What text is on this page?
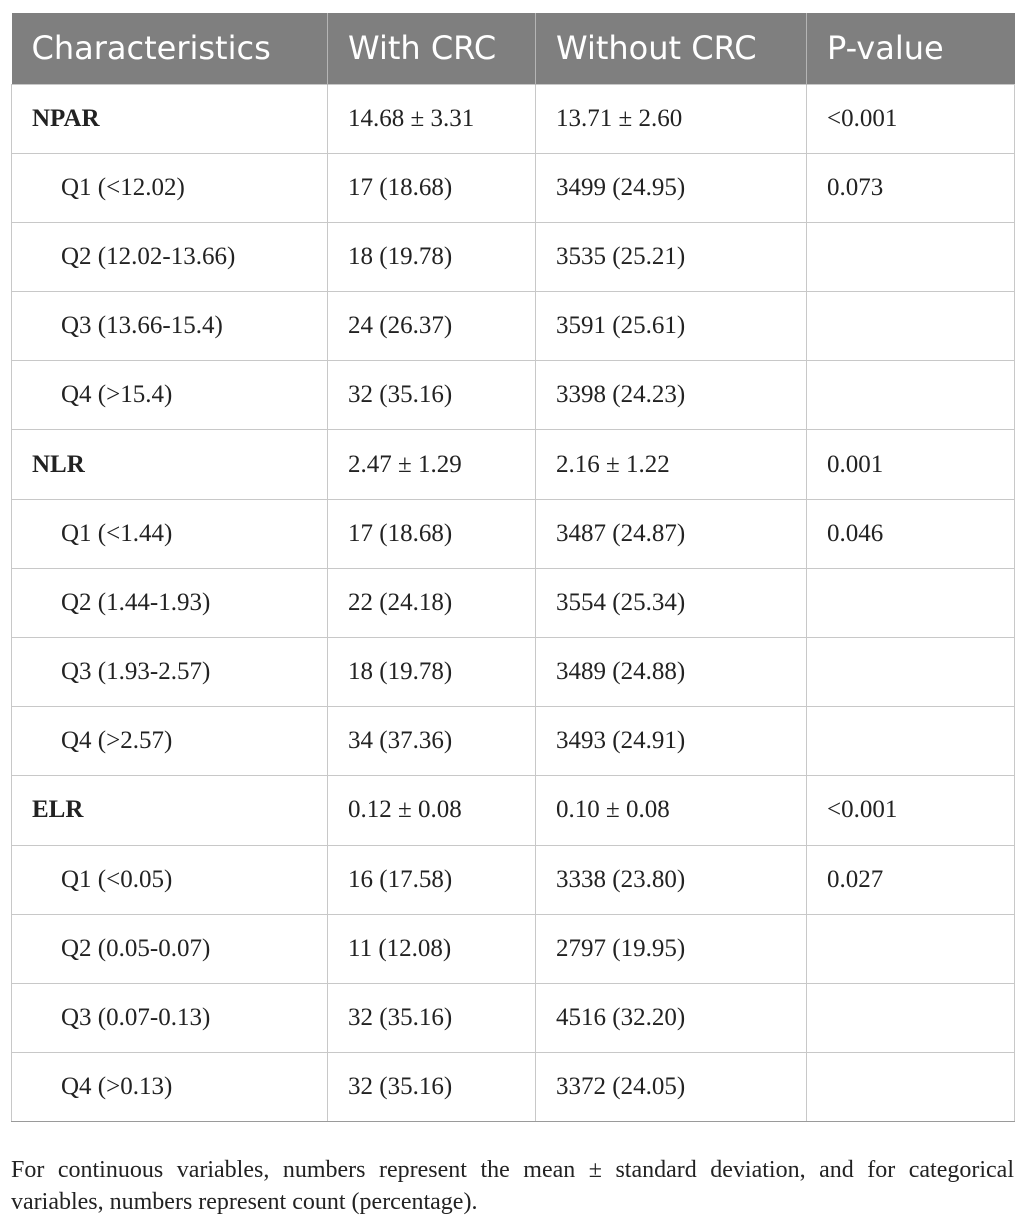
Characteristics	With CRC	Without CRC	P-value
NPAR	14.68 ± 3.31	13.71 ± 2.60	<0.001
Q1 (<12.02)	17 (18.68)	3499 (24.95)	0.073
Q2 (12.02-13.66)	18 (19.78)	3535 (25.21)	
Q3 (13.66-15.4)	24 (26.37)	3591 (25.61)	
Q4 (>15.4)	32 (35.16)	3398 (24.23)	
NLR	2.47 ± 1.29	2.16 ± 1.22	0.001
Q1 (<1.44)	17 (18.68)	3487 (24.87)	0.046
Q2 (1.44-1.93)	22 (24.18)	3554 (25.34)	
Q3 (1.93-2.57)	18 (19.78)	3489 (24.88)	
Q4 (>2.57)	34 (37.36)	3493 (24.91)	
ELR	0.12 ± 0.08	0.10 ± 0.08	<0.001
Q1 (<0.05)	16 (17.58)	3338 (23.80)	0.027
Q2 (0.05-0.07)	11 (12.08)	2797 (19.95)	
Q3 (0.07-0.13)	32 (35.16)	4516 (32.20)	
Q4 (>0.13)	32 (35.16)	3372 (24.05)	

For continuous variables, numbers represent the mean ± standard deviation, and for categorical variables, numbers represent count (percentage).
